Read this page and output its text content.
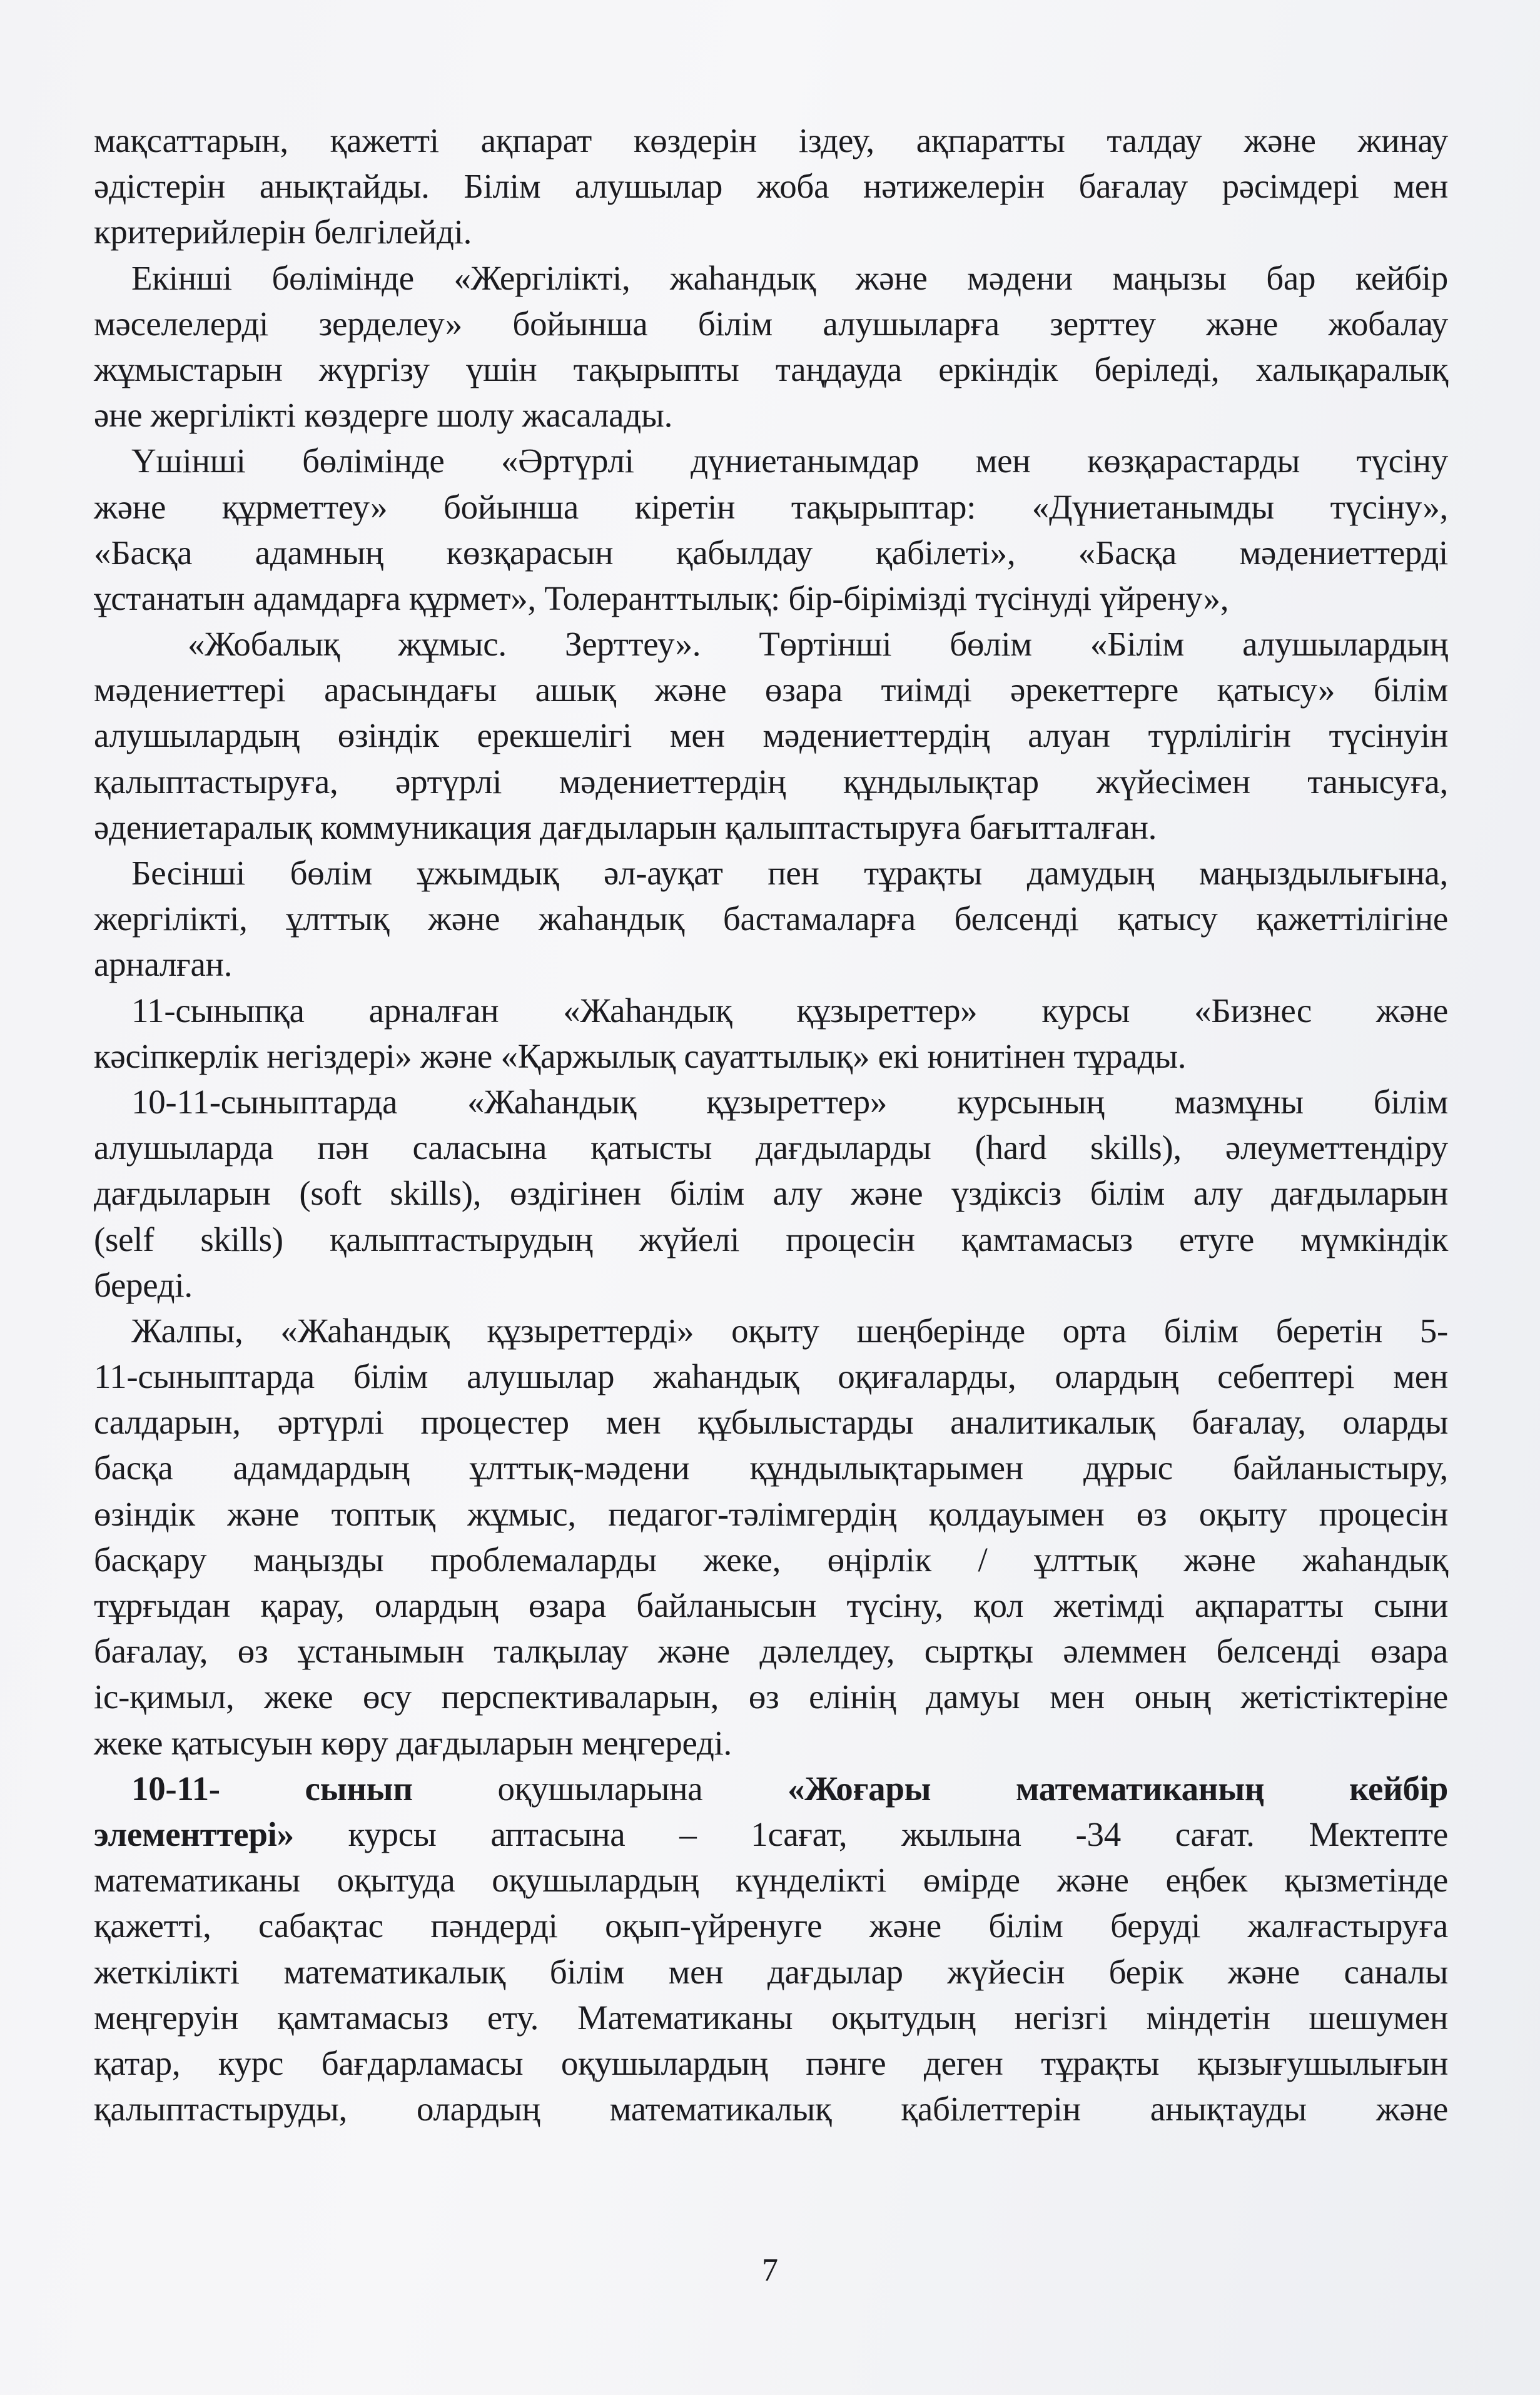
мақсаттарын, қажетті ақпарат көздерін іздеу, ақпаратты талдау және жинау
әдістерін анықтайды. Білім алушылар жоба нәтижелерін бағалау рәсімдері мен
критерийлерін белгілейді.
Екінші бөлімінде «Жергілікті, жаһандық және мәдени маңызы бар кейбір
мәселелерді зерделеу» бойынша білім алушыларға зерттеу және жобалау
жұмыстарын жүргізу үшін тақырыпты таңдауда еркіндік беріледі, халықаралық
әне жергілікті көздерге шолу жасалады.
Үшінші бөлімінде «Әртүрлі дүниетанымдар мен көзқарастарды түсіну
және құрметтеу» бойынша кіретін тақырыптар: «Дүниетанымды түсіну»,
«Басқа адамның көзқарасын қабылдау қабілеті», «Басқа мәдениеттерді
ұстанатын адамдарға құрмет», Толеранттылық: бір-бірімізді түсінуді үйрену»,
«Жобалық жұмыс. Зерттеу». Төртінші бөлім «Білім алушылардың
мәдениеттері арасындағы ашық және өзара тиімді әрекеттерге қатысу» білім
алушылардың өзіндік ерекшелігі мен мәдениеттердің алуан түрлілігін түсінуін
қалыптастыруға, әртүрлі мәдениеттердің құндылықтар жүйесімен танысуға,
әдениетаралық коммуникация дағдыларын қалыптастыруға бағытталған.
Бесінші бөлім ұжымдық әл-ауқат пен тұрақты дамудың маңыздылығына,
жергілікті, ұлттық және жаһандық бастамаларға белсенді қатысу қажеттілігіне
арналған.
11-сыныпқа арналған «Жаһандық құзыреттер» курсы «Бизнес және
кәсіпкерлік негіздері» және «Қаржылық сауаттылық» екі юнитінен тұрады.
10-11-сыныптарда «Жаһандық құзыреттер» курсының мазмұны білім
алушыларда пән саласына қатысты дағдыларды (hard skills), әлеуметтендіру
дағдыларын (soft skills), өздігінен білім алу және үздіксіз білім алу дағдыларын
(self skills) қалыптастырудың жүйелі процесін қамтамасыз етуге мүмкіндік
береді.
Жалпы, «Жаһандық құзыреттерді» оқыту шеңберінде орта білім беретін 5-
11-сыныптарда білім алушылар жаһандық оқиғаларды, олардың себептері мен
салдарын, әртүрлі процестер мен құбылыстарды аналитикалық бағалау, оларды
басқа адамдардың ұлттық-мәдени құндылықтарымен дұрыс байланыстыру,
өзіндік және топтық жұмыс, педагог-тәлімгердің қолдауымен өз оқыту процесін
басқару маңызды проблемаларды жеке, өңірлік / ұлттық және жаһандық
тұрғыдан қарау, олардың өзара байланысын түсіну, қол жетімді ақпаратты сыни
бағалау, өз ұстанымын талқылау және дәлелдеу, сыртқы әлеммен белсенді өзара
іс-қимыл, жеке өсу перспективаларын, өз елінің дамуы мен оның жетістіктеріне
жеке қатысуын көру дағдыларын меңгереді.
10-11- сынып оқушыларына «Жоғары математиканың кейбір
элементтері» курсы аптасына – 1сағат, жылына -34 сағат. Мектепте
математиканы оқытуда оқушылардың күнделікті өмірде және еңбек қызметінде
қажетті, сабақтас пәндерді оқып-үйренуге және білім беруді жалғастыруға
жеткілікті математикалық білім мен дағдылар жүйесін берік және саналы
меңгеруін қамтамасыз ету. Математиканы оқытудың негізгі міндетін шешумен
қатар, курс бағдарламасы оқушылардың пәнге деген тұрақты қызығушылығын
қалыптастыруды, олардың математикалық қабілеттерін анықтауды және
7
